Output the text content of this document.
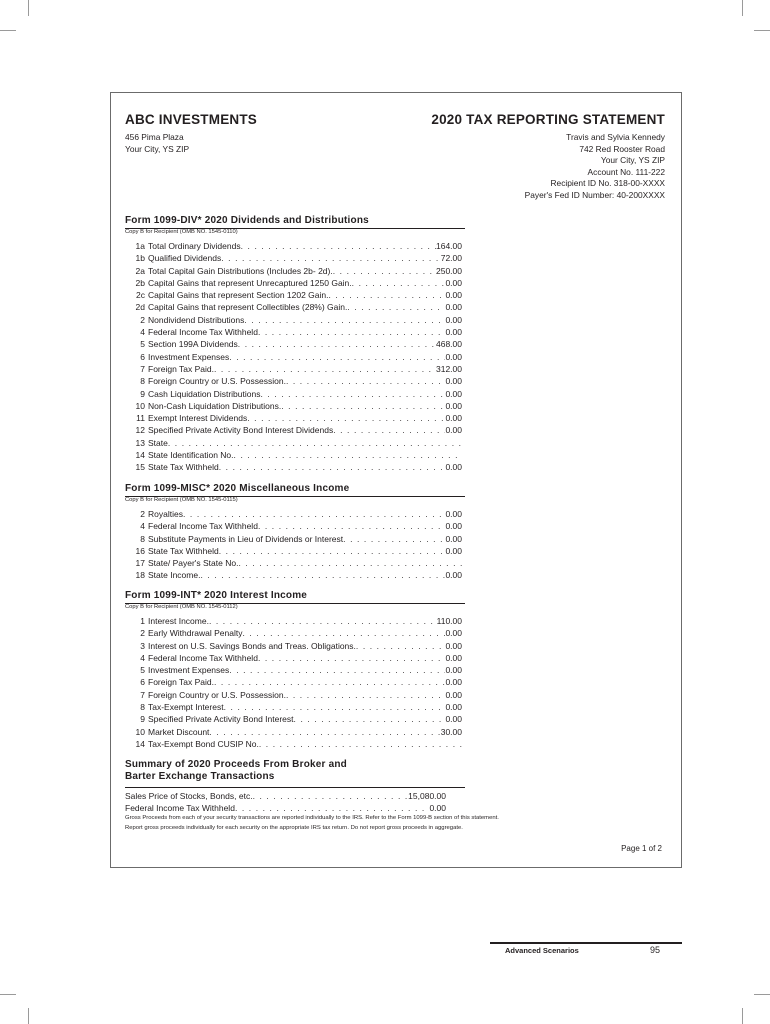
ABC INVESTMENTS	2020 TAX REPORTING STATEMENT
456 Pima Plaza
Your City, YS ZIP
Travis and Sylvia Kennedy
742 Red Rooster Road
Your City, YS ZIP
Account No. 111-222
Recipient ID No. 318-00-XXXX
Payer's Fed ID Number: 40-200XXXX
Form 1099-DIV* 2020 Dividends and Distributions
Copy B for Recipient (OMB NO. 1545-0110)
1a Total Ordinary Dividends . . .	164.00
1b Qualified Dividends . . .	72.00
2a Total Capital Gain Distributions (Includes 2b- 2d). . . .	250.00
2b Capital Gains that represent Unrecaptured 1250 Gain. . . .	0.00
2c Capital Gains that represent Section 1202 Gain. . . .	0.00
2d Capital Gains that represent Collectibles (28%) Gain. . . .	0.00
2 Nondividend Distributions . . .	0.00
4 Federal Income Tax Withheld . . .	0.00
5 Section 199A Dividends . . .	468.00
6 Investment Expenses . . .	0.00
7 Foreign Tax Paid. . . .	312.00
8 Foreign Country or U.S. Possession. . . .	0.00
9 Cash Liquidation Distributions . . .	0.00
10 Non-Cash Liquidation Distributions. . . .	0.00
11 Exempt Interest Dividends . . .	0.00
12 Specified Private Activity Bond Interest Dividends . . .	0.00
13 State
. . .
14 State Identification No.
. . .
15 State Tax Withheld . . .	0.00
Form 1099-MISC* 2020 Miscellaneous Income
Copy B for Recipient (OMB NO. 1545-0115)
2 Royalties . . .	0.00
4 Federal Income Tax Withheld . . .	0.00
8 Substitute Payments in Lieu of Dividends or Interest . . .	0.00
16 State Tax Withheld . . .	0.00
17 State/ Payer's State No.
. . .
18 State Income. . . .	0.00
Form 1099-INT* 2020 Interest Income
Copy B for Recipient (OMB NO. 1545-0112)
1 Interest Income. . . .	110.00
2 Early Withdrawal Penalty . . .	0.00
3 Interest on U.S. Savings Bonds and Treas. Obligations. . . .	0.00
4 Federal Income Tax Withheld . . .	0.00
5 Investment Expenses . . .	0.00
6 Foreign Tax Paid. . . .	0.00
7 Foreign Country or U.S. Possession. . . .	0.00
8 Tax-Exempt Interest . . .	0.00
9 Specified Private Activity Bond Interest . . .	0.00
10 Market Discount . . .	30.00
14 Tax-Exempt Bond CUSIP No.
. . .
Summary of 2020 Proceeds From Broker and
Barter Exchange Transactions
Sales Price of Stocks, Bonds, etc. . . .	15,080.00
Federal Income Tax Withheld . . .	0.00
Gross Proceeds from each of your security transactions are reported individually to the IRS. Refer to the Form 1099-B section of this statement.
Report gross proceeds individually for each security on the appropriate IRS tax return. Do not report gross proceeds in aggregate.
Page 1 of 2
Advanced Scenarios	95
